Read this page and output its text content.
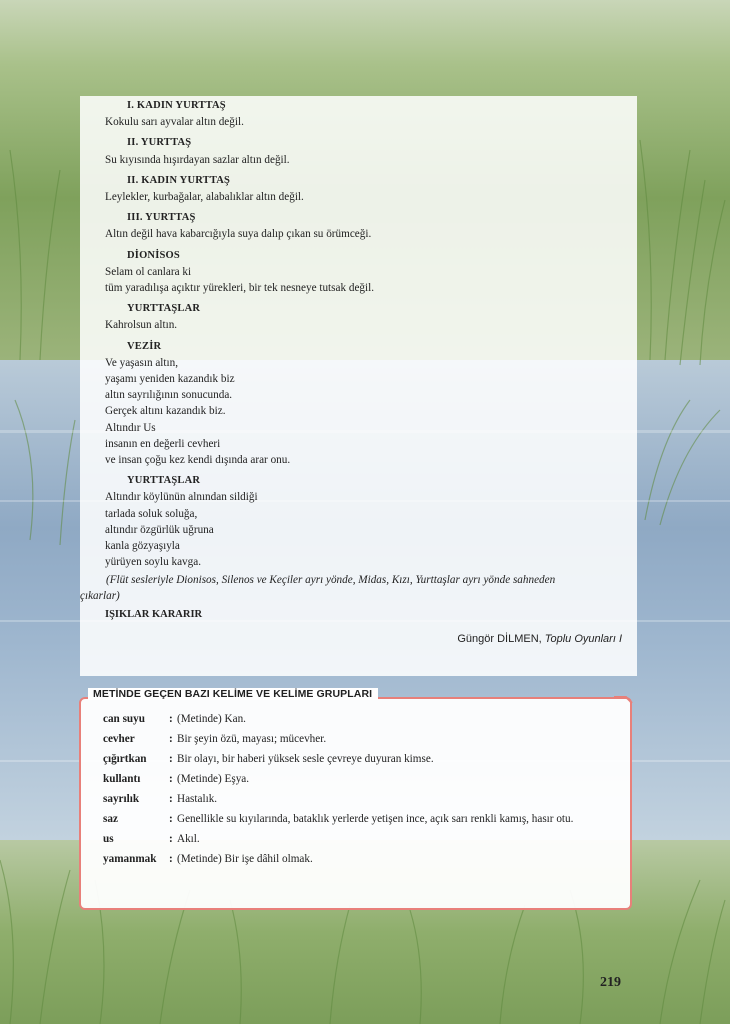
I. KADIN YURTTAŞ
Kokulu sarı ayvalar altın değil.
II. YURTTAŞ
Su kıyısında hışırdayan sazlar altın değil.
II. KADIN YURTTAŞ
Leylekler, kurbağalar, alabalıklar altın değil.
III. YURTTAŞ
Altın değil hava kabarcığıyla suya dalıp çıkan su örümceği.
DİONİSOS
Selam ol canlara ki
tüm yaradılışa açıktır yürekleri, bir tek nesneye tutsak değil.
YURTTAŞLAR
Kahrolsun altın.
VEZİR
Ve yaşasın altın,
yaşamı yeniden kazandık biz
altın sayrılığının sonucunda.
Gerçek altını kazandık biz.
Altındır Us
insanın en değerli cevheri
ve insan çoğu kez kendi dışında arar onu.
YURTTAŞLAR
Altındır köylünün alnından sildiği
tarlada soluk soluğa,
altındır özgürlük uğruna
kanla gözyaşıyla
yürüyen soylu kavga.
(Flüt sesleriyle Dionisos, Silenos ve Keçiler ayrı yönde, Midas, Kızı, Yurttaşlar ayrı yönde sahneden
çıkarlar)
IŞIKLAR KARARIR
Güngör DİLMEN, Toplu Oyunları I
METİNDE GEÇEN BAZI KELİME VE KELİME GRUPLARI
can suyu	: (Metinde) Kan.
cevher	: Bir şeyin özü, mayası; mücevher.
çığırtkan	: Bir olayı, bir haberi yüksek sesle çevreye duyuran kimse.
kullantı	: (Metinde) Eşya.
sayrılık	: Hastalık.
saz	: Genellikle su kıyılarında, bataklık yerlerde yetişen ince, açık sarı renkli kamış, hasır otu.
us	: Akıl.
yamanmak	: (Metinde) Bir işe dâhil olmak.
219
